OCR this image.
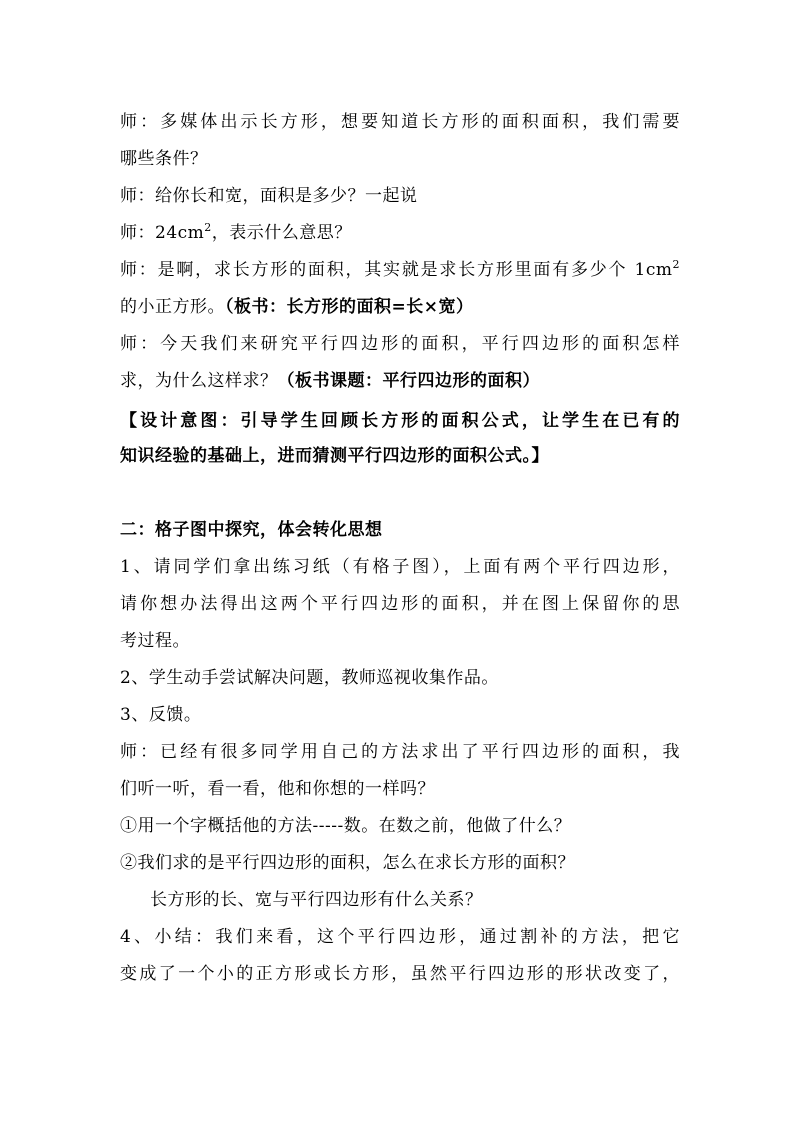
师：多媒体出示长方形，想要知道长方形的面积面积，我们需要
哪些条件？
师：给你长和宽，面积是多少？一起说
师：$24cm^2$，表示什么意思？
师：是啊，求长方形的面积，其实就是求长方形里面有多少个 $1cm^2$
的小正方形。（板书：长方形的面积=长×宽）
师：今天我们来研究平行四边形的面积，平行四边形的面积怎样
求，为什么这样求？（板书课题：平行四边形的面积）
【设计意图：引导学生回顾长方形的面积公式，让学生在已有的
知识经验的基础上，进而猜测平行四边形的面积公式。】
二：格子图中探究，体会转化思想
1、请同学们拿出练习纸（有格子图），上面有两个平行四边形，
请你想办法得出这两个平行四边形的面积，并在图上保留你的思
考过程。
2、学生动手尝试解决问题，教师巡视收集作品。
3、反馈。
师：已经有很多同学用自己的方法求出了平行四边形的面积，我
们听一听，看一看，他和你想的一样吗？
①用一个字概括他的方法-----数。在数之前，他做了什么？
②我们求的是平行四边形的面积，怎么在求长方形的面积？
长方形的长、宽与平行四边形有什么关系？
4、小结：我们来看，这个平行四边形，通过割补的方法，把它
变成了一个小的正方形或长方形，虽然平行四边形的形状改变了，
